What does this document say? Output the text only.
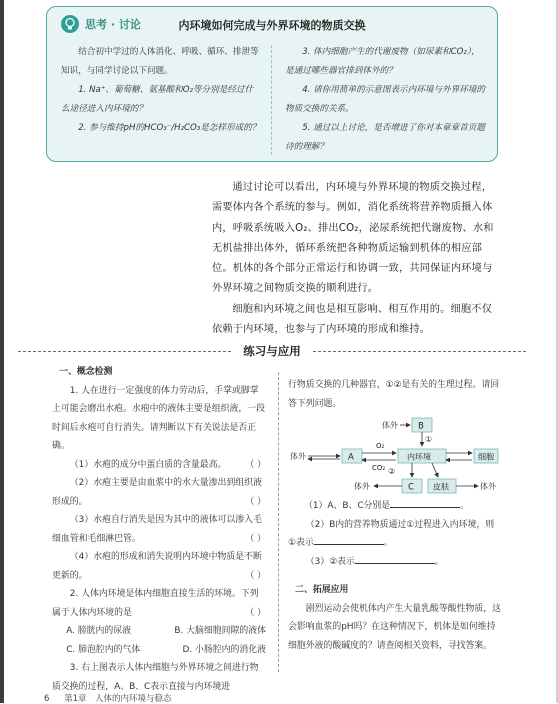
思考 · 讨论	内环境如何完成与外界环境的物质交换

结合初中学过的人体消化、呼吸、循环、排泄等知识，与同学讨论以下问题。

1. Na⁺、葡萄糖、氨基酸和O₂等分别是经过什么途径进入内环境的？

2. 参与维持pH的HCO₃⁻/H₂CO₃是怎样形成的？

3. 体内细胞产生的代谢废物（如尿素和CO₂），是通过哪些器官排到体外的？

4. 请你用简单的示意图表示内环境与外界环境的物质交换的关系。

5. 通过以上讨论，是否增进了你对本章章首页题诗的理解？

通过讨论可以看出，内环境与外界环境的物质交换过程，需要体内各个系统的参与。例如，消化系统将营养物质摄入体内，呼吸系统吸入O₂、排出CO₂，泌尿系统把代谢废物、水和无机盐排出体外，循环系统把各种物质运输到机体的相应部位。机体的各个部分正常运行和协调一致，共同保证内环境与外界环境之间物质交换的顺利进行。

细胞和内环境之间也是相互影响、相互作用的。细胞不仅依赖于内环境，也参与了内环境的形成和维持。

练习与应用

一、概念检测

1. 人在进行一定强度的体力劳动后，手掌或脚掌上可能会磨出水疱。水疱中的液体主要是组织液，一段时间后水疱可自行消失。请判断以下有关说法是否正确。

（1）水疱的成分中蛋白质的含量最高。	（ ）

（2）水疱主要是由血浆中的水大量渗出到组织液形成的。	（ ）

（3）水疱自行消失是因为其中的液体可以渗入毛细血管和毛细淋巴管。	（ ）

（4）水疱的形成和消失说明内环境中物质是不断更新的。	（ ）

2. 人体内环境是体内细胞直接生活的环境。下列属于人体内环境的是	（ ）

A. 膀胱内的尿液	B. 大脑细胞间隙的液体

C. 肺泡腔内的气体	D. 小肠腔内的消化液

3. 右上图表示人体内细胞与外界环境之间进行物质交换的过程，A、B、C表示直接与内环境进

行物质交换的几种器官，①②是有关的生理过程。请回答下列问题。

体外 B
①
体外	A
O₂
CO₂
内环境	细胞
②
C
体外	皮肤	体外

（1）A、B、C分别是	。

（2）B内的营养物质通过①过程进入内环境，则①表示	。

（3）②表示	。

二、拓展应用

剧烈运动会使机体内产生大量乳酸等酸性物质，这会影响血浆的pH吗？在这种情况下，机体是如何维持细胞外液的酸碱度的？请查阅相关资料，寻找答案。

6 第1章　人体的内环境与稳态
